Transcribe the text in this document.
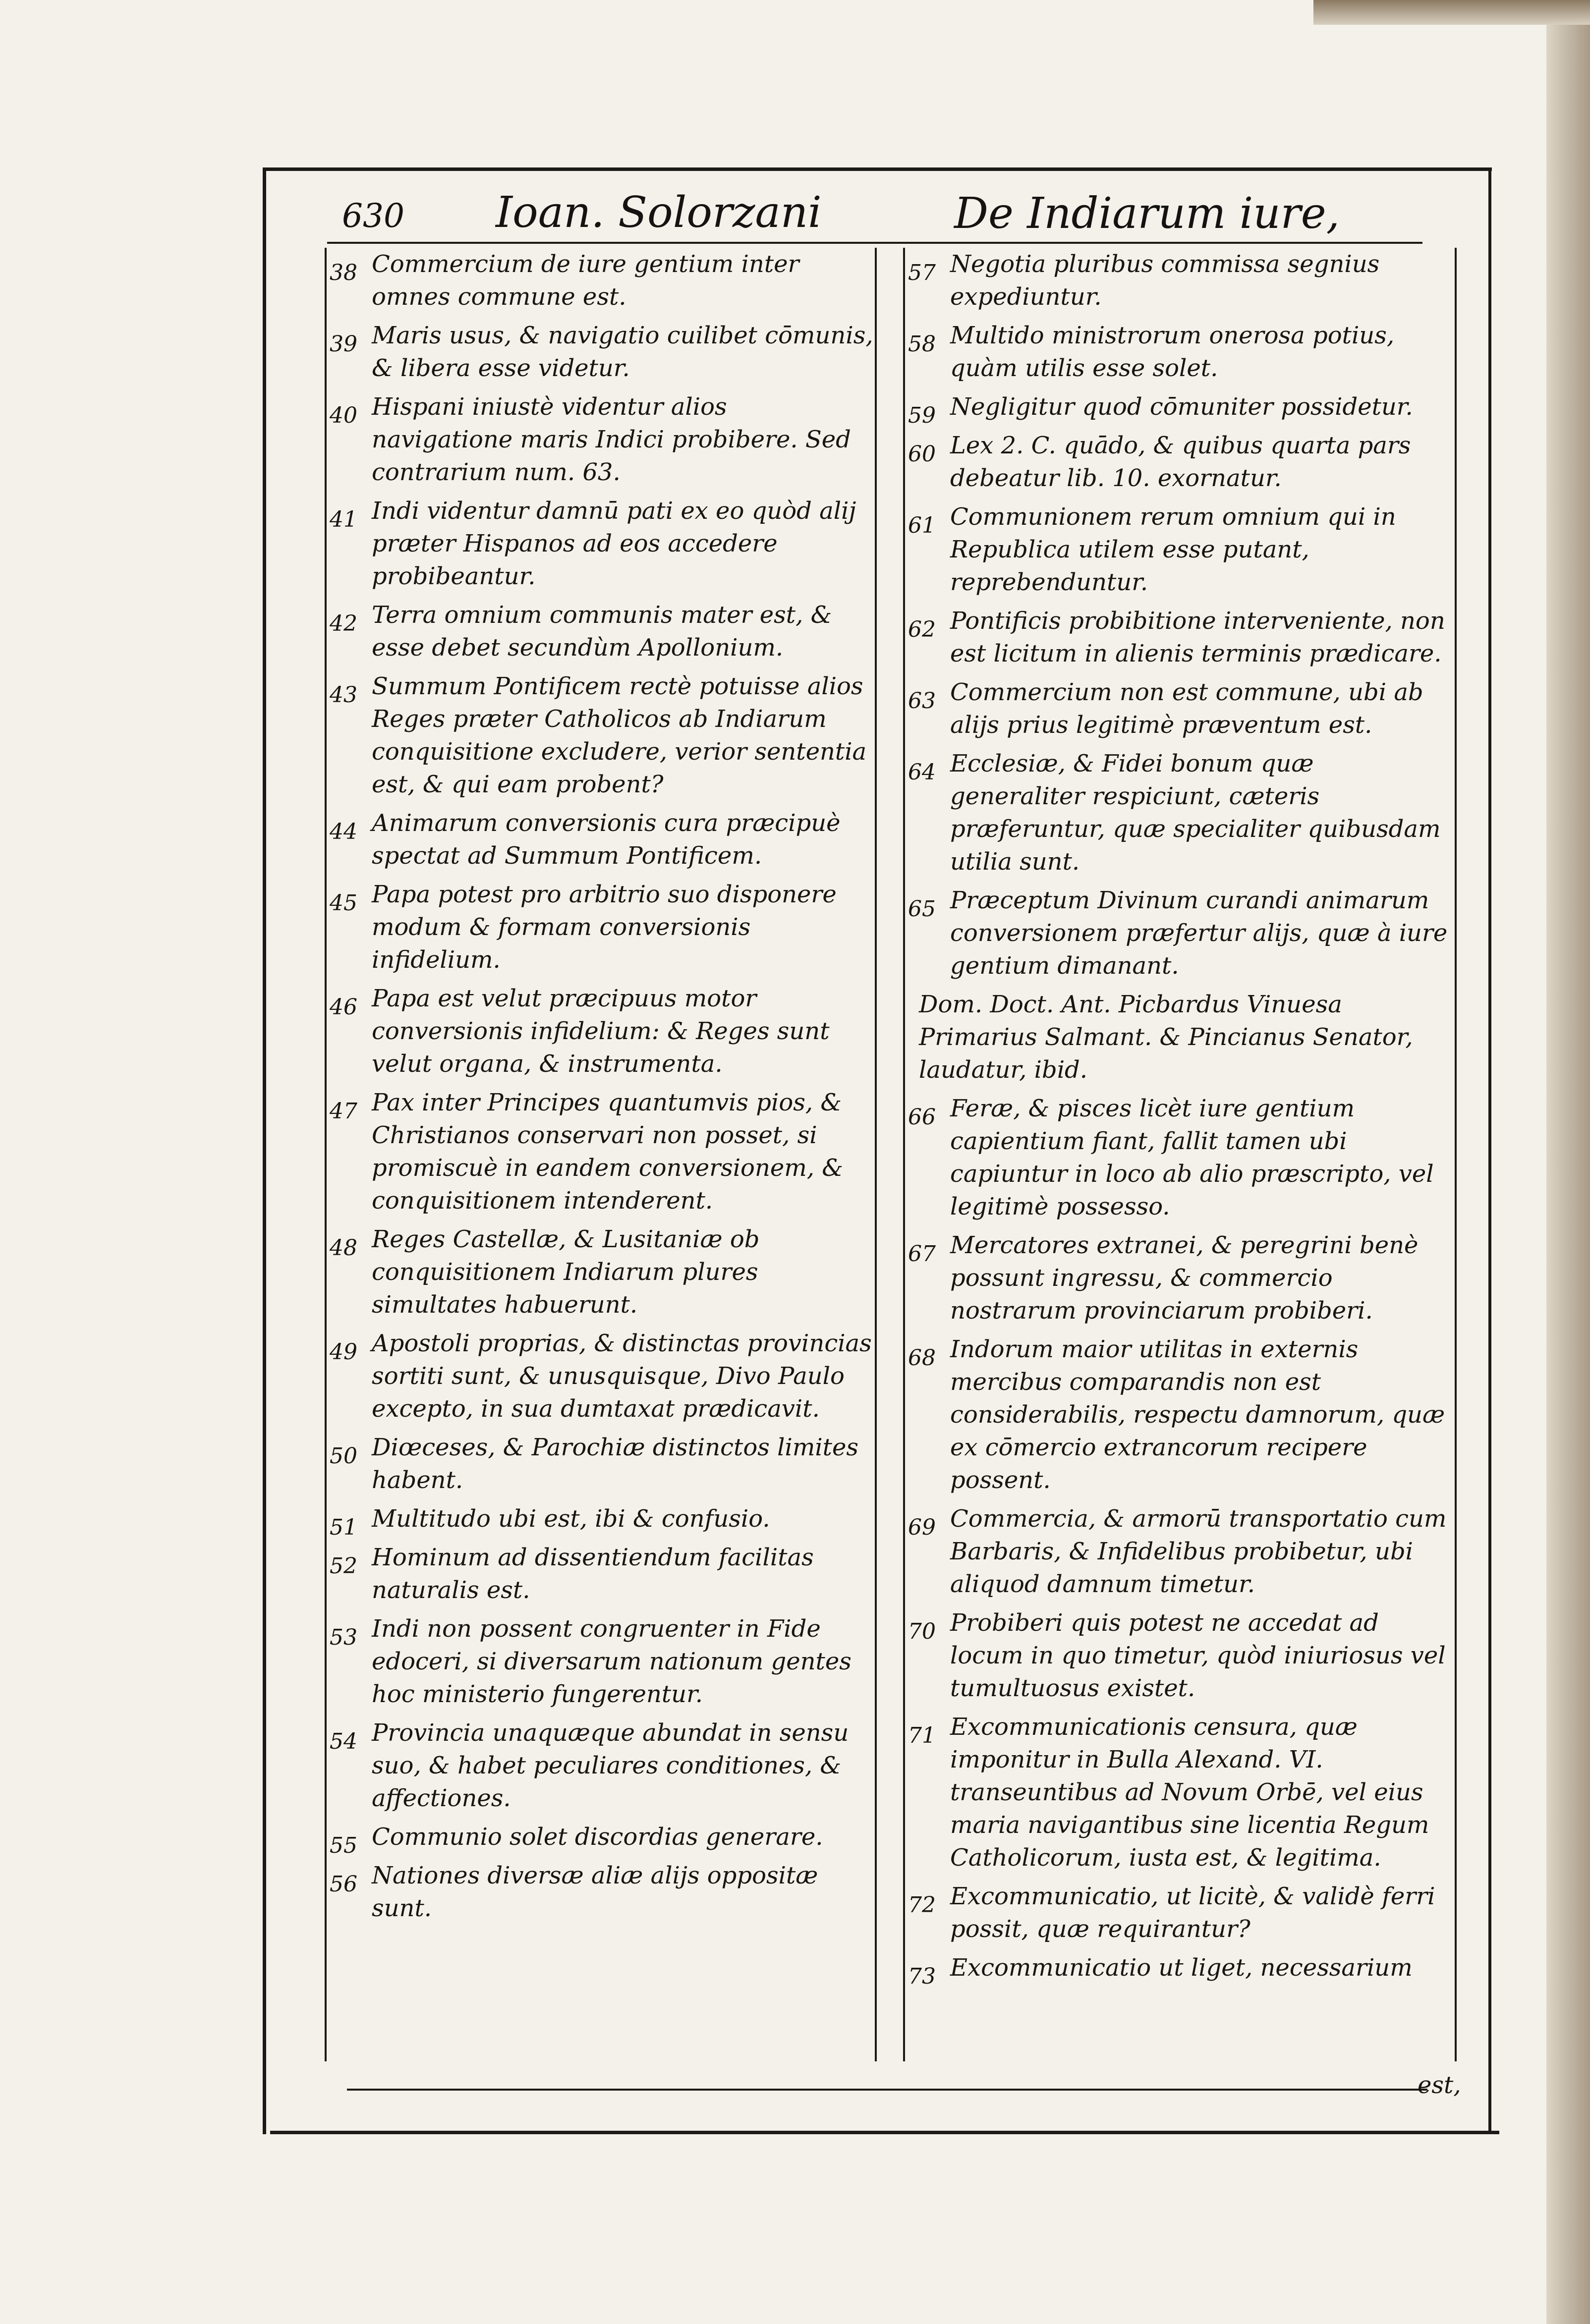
630 Ioan. Solorzani	De Indiarum iure,
38 Commercium de iure gentium inter omnes commune est.
39 Maris usus, & navigatio cuilibet cōmunis, & libera esse videtur.
40 Hispani iniustè videntur alios navigatione maris Indici probibere. Sed contrarium num. 63.
41 Indi videntur damnū pati ex eo quòd alij præter Hispanos ad eos accedere probibeantur.
42 Terra omnium communis mater est, & esse debet secundùm Apollonium.
43 Summum Pontificem rectè potuisse alios Reges præter Catholicos ab Indiarum conquisitione excludere, verior sententia est, & qui eam probent?
44 Animarum conversionis cura præcipuè spectat ad Summum Pontificem.
45 Papa potest pro arbitrio suo disponere modum & formam conversionis infidelium.
46 Papa est velut præcipuus motor conversionis infidelium: & Reges sunt velut organa, & instrumenta.
47 Pax inter Principes quantumvis pios, & Christianos conservari non posset, si promiscuè in eandem conversionem, & conquisitionem intenderent.
48 Reges Castellæ, & Lusitaniæ ob conquisitionem Indiarum plures simultates habuerunt.
49 Apostoli proprias, & distinctas provincias sortiti sunt, & unusquisque, Divo Paulo excepto, in sua dumtaxat prædicavit.
50 Diœceses, & Parochiæ distinctos limites habent.
51 Multitudo ubi est, ibi & confusio.
52 Hominum ad dissentiendum facilitas naturalis est.
53 Indi non possent congruenter in Fide edoceri, si diversarum nationum gentes hoc ministerio fungerentur.
54 Provincia unaquæque abundat in sensu suo, & habet peculiares conditiones, & affectiones.
55 Communio solet discordias generare.
56 Nationes diversæ aliæ alijs oppositæ sunt.
57 Negotia pluribus commissa segnius expediuntur.
58 Multido ministrorum onerosa potius, quàm utilis esse solet.
59 Negligitur quod cōmuniter possidetur.
60 Lex 2. C. quādo, & quibus quarta pars debeatur lib. 10. exornatur.
61 Communionem rerum omnium qui in Republica utilem esse putant, reprebenduntur.
62 Pontificis probibitione interveniente, non est licitum in alienis terminis prædicare.
63 Commercium non est commune, ubi ab alijs prius legitimè præventum est.
64 Ecclesiæ, & Fidei bonum quæ generaliter respiciunt, cæteris præferuntur, quæ specialiter quibusdam utilia sunt.
65 Præceptum Divinum curandi animarum conversionem præfertur alijs, quæ à iure gentium dimanant.
Dom. Doct. Ant. Picbardus Vinuesa Primarius Salmant. & Pincianus Senator, laudatur, ibid.
66 Feræ, & pisces licèt iure gentium capientium fiant, fallit tamen ubi capiuntur in loco ab alio præscripto, vel legitimè possesso.
67 Mercatores extranei, & peregrini benè possunt ingressu, & commercio nostrarum provinciarum probiberi.
68 Indorum maior utilitas in externis mercibus comparandis non est considerabilis, respectu damnorum, quæ ex cōmercio extrancorum recipere possent.
69 Commercia, & armorū transportatio cum Barbaris, & Infidelibus probibetur, ubi aliquod damnum timetur.
70 Probiberi quis potest ne accedat ad locum in quo timetur, quòd iniuriosus vel tumultuosus existet.
71 Excommunicationis censura, quæ imponitur in Bulla Alexand. VI. transeuntibus ad Novum Orbē, vel eius maria navigantibus sine licentia Regum Catholicorum, iusta est, & legitima.
72 Excommunicatio, ut licitè, & validè ferri possit, quæ requirantur?
73 Excommunicatio ut liget, necessarium
est,
